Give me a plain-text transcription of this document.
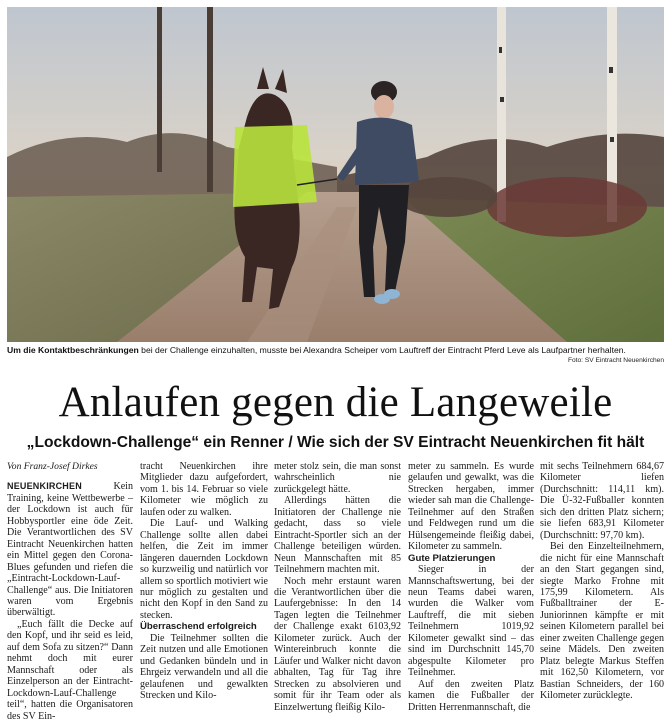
Um die Kontaktbeschränkungen bei der Challenge einzuhalten, musste bei Alexandra Scheiper vom Lauftreff der Eintracht Pferd Leve als Laufpartner herhalten.
Foto: SV Eintracht Neuenkirchen
Anlaufen gegen die Langeweile
„Lockdown-Challenge“ ein Renner / Wie sich der SV Eintracht Neuenkirchen fit hält
Von Franz-Josef Dirkes

NEUENKIRCHEN Kein Training, keine Wettbewerbe – der Lockdown ist auch für Hobbysportler eine öde Zeit. Die Verantwortlichen des SV Eintracht Neuenkirchen hatten ein Mittel gegen den Corona-Blues gefunden und riefen die „Eintracht-Lockdown-Lauf-Challenge“ aus. Die Initiatoren waren vom Ergebnis überwältigt.

„Euch fällt die Decke auf den Kopf, und ihr seid es leid, auf dem Sofa zu sitzen?“ Dann nehmt doch mit eurer Mannschaft oder als Einzelperson an der Eintracht-Lockdown-Lauf-Challenge teil“, hatten die Organisatoren des SV Ein-

tracht Neuenkirchen ihre Mitglieder dazu aufgefordert, vom 1. bis 14. Februar so viele Kilometer wie möglich zu laufen oder zu walken.

Die Lauf- und Walking Challenge sollte allen dabei helfen, die Zeit im immer längeren dauernden Lockdown so kurzweilig und natürlich vor allem so sportlich motiviert wie nur möglich zu gestalten und nicht den Kopf in den Sand zu stecken.

Überraschend erfolgreich

Die Teilnehmer sollten die Zeit nutzen und alle Emotionen und Gedanken bündeln und in Ehrgeiz verwandeln und all die gelaufenen und gewalkten Strecken und Kilo-

meter stolz sein, die man sonst wahrscheinlich nie zurückgelegt hätte.

Allerdings hätten die Initiatoren der Challenge nie gedacht, dass so viele Eintracht-Sportler sich an der Challenge beteiligen würden. Neun Mannschaften mit 85 Teilnehmern machten mit.

Noch mehr erstaunt waren die Verantwortlichen über die Laufergebnisse: In den 14 Tagen legten die Teilnehmer der Challenge exakt 6103,92 Kilometer zurück. Auch der Wintereinbruch konnte die Läufer und Walker nicht davon abhalten, Tag für Tag ihre Strecken zu absolvieren und somit für ihr Team oder als Einzelwertung fleißig Kilo-

meter zu sammeln. Es wurde gelaufen und gewalkt, was die Strecken hergaben, immer wieder sah man die Challenge-Teilnehmer auf den Straßen und Feldwegen rund um die Hülsengemeinde fleißig dabei, Kilometer zu sammeln.

Gute Platzierungen

Sieger in der Mannschaftswertung, bei der neun Teams dabei waren, wurden die Walker vom Lauftreff, die mit sieben Teilnehmern 1019,92 Kilometer gewalkt sind – das sind im Durchschnitt 145,70 abgespulte Kilometer pro Teilnehmer.

Auf den zweiten Platz kamen die Fußballer der Dritten Herrenmannschaft, die

mit sechs Teilnehmern 684,67 Kilometer liefen (Durchschnitt: 114,11 km). Die Ü-32-Fußballer konnten sich den dritten Platz sichern; sie liefen 683,91 Kilometer (Durchschnitt: 97,70 km).

Bei den Einzelteilnehmern, die nicht für eine Mannschaft an den Start gegangen sind, siegte Marko Frohne mit 175,99 Kilometern. Als Fußballtrainer der E-Juniorinnen kämpfte er mit seinen Kilometern parallel bei einer zweiten Challenge gegen seine Mädels. Den zweiten Platz belegte Markus Steffen mit 162,50 Kilometern, vor Bastian Schneiders, der 160 Kilometer zurücklegte.
